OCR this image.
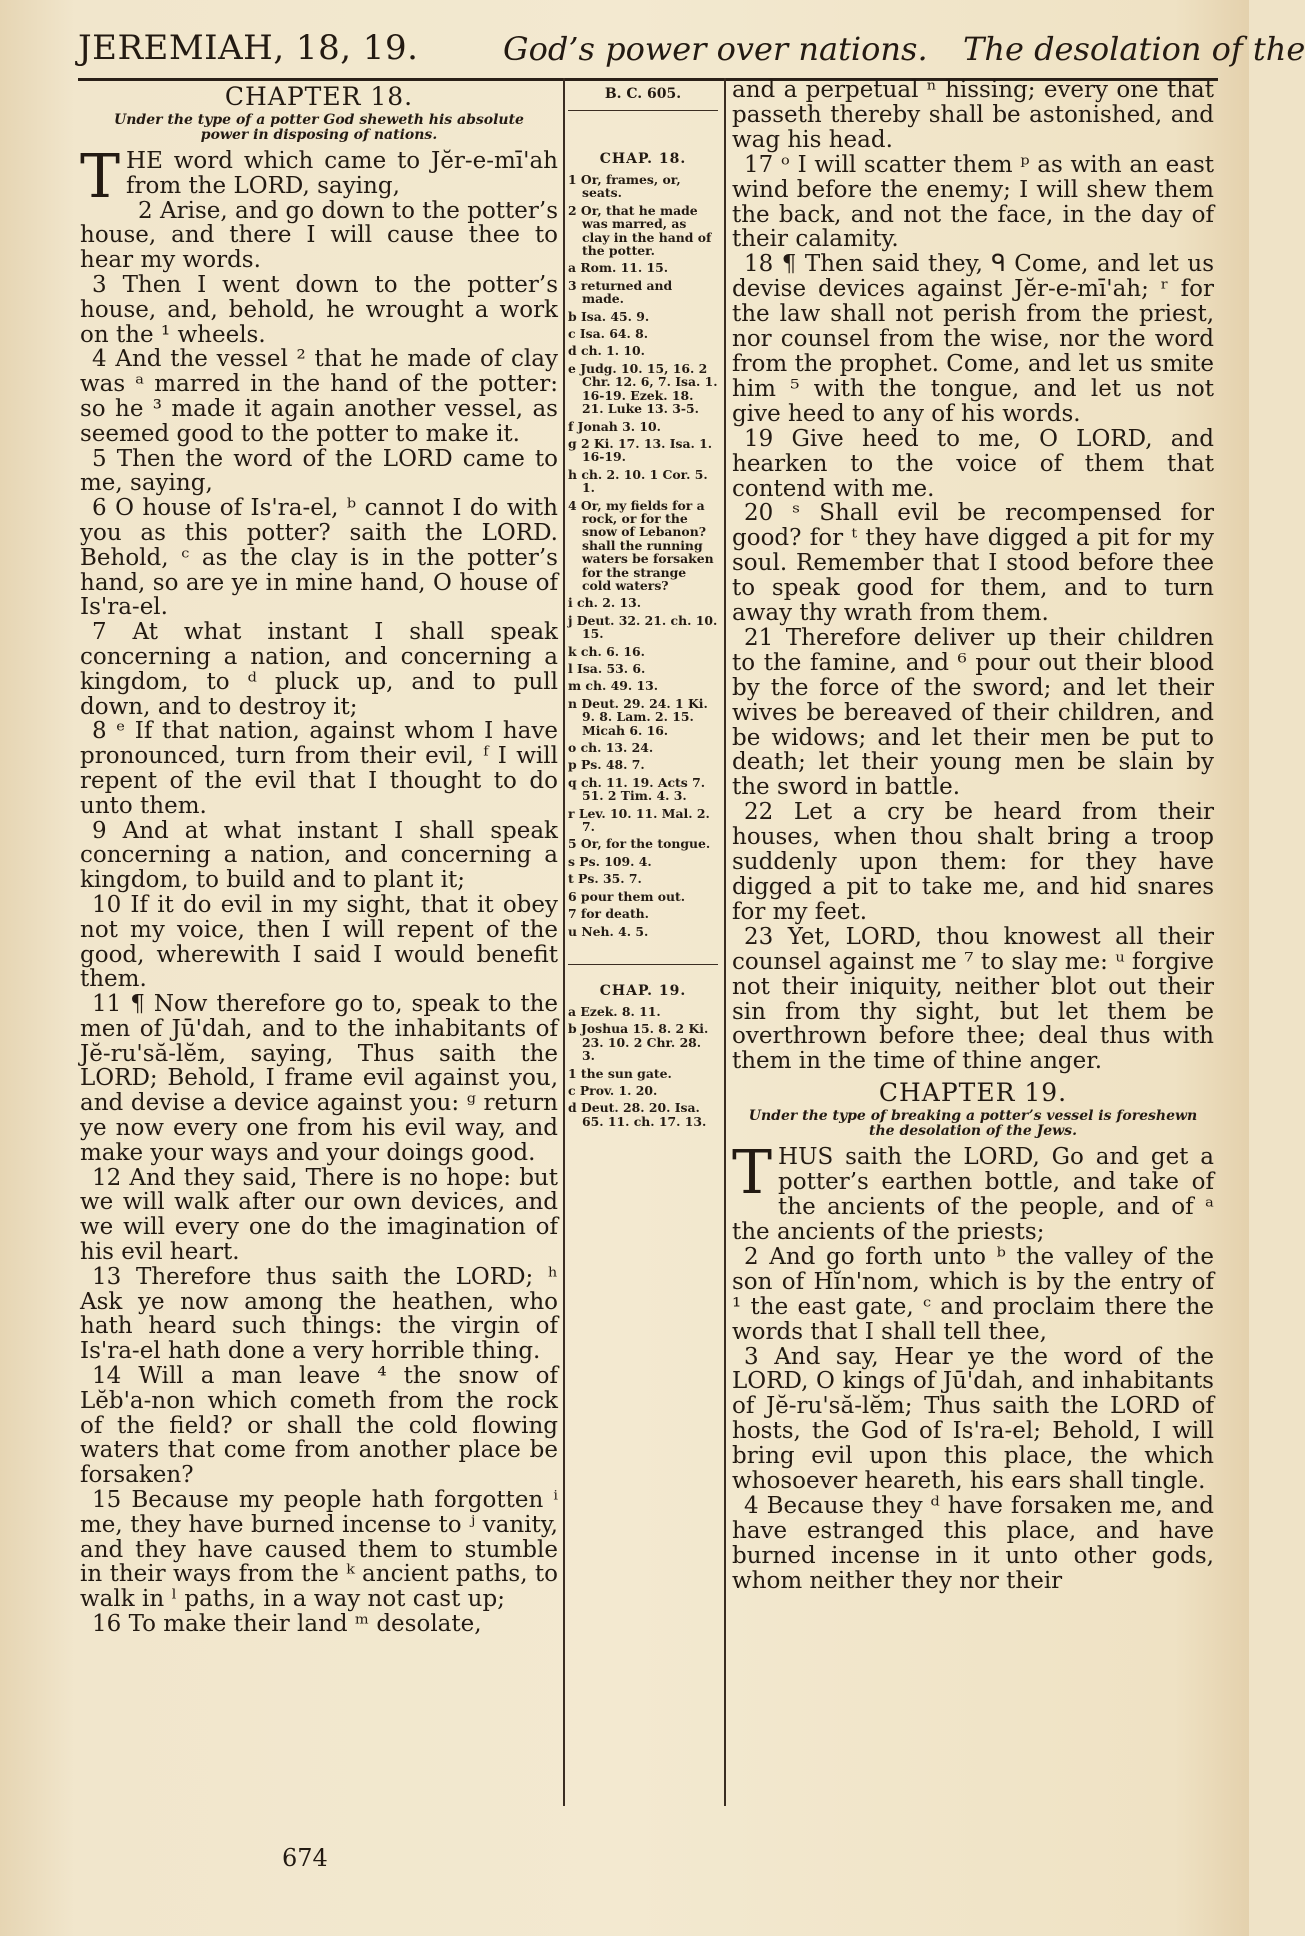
JEREMIAH, 18, 19.	God’s power over nations. The desolation of the
CHAPTER 18.
Under the type of a potter God sheweth his absolute power in disposing of nations.

THE word which came to Jĕr-e-mī'ah from the LORD, saying,

2 Arise, and go down to the potter’s house, and there I will cause thee to hear my words.

3 Then I went down to the potter’s house, and, behold, he wrought a work on the ¹ wheels.

4 And the vessel ² that he made of clay was ᵃ marred in the hand of the potter: so he ³ made it again another vessel, as seemed good to the potter to make it.

5 Then the word of the LORD came to me, saying,

6 O house of Is'ra-el, ᵇ cannot I do with you as this potter? saith the LORD. Behold, ᶜ as the clay is in the potter’s hand, so are ye in mine hand, O house of Is'ra-el.

7 At what instant I shall speak concerning a nation, and concerning a kingdom, to ᵈ pluck up, and to pull down, and to destroy it;

8 ᵉ If that nation, against whom I have pronounced, turn from their evil, ᶠ I will repent of the evil that I thought to do unto them.

9 And at what instant I shall speak concerning a nation, and concerning a kingdom, to build and to plant it;

10 If it do evil in my sight, that it obey not my voice, then I will repent of the good, wherewith I said I would benefit them.

11 ¶ Now therefore go to, speak to the men of Jū'dah, and to the inhabitants of Jĕ-ru'să-lĕm, saying, Thus saith the LORD; Behold, I frame evil against you, and devise a device against you: ᵍ return ye now every one from his evil way, and make your ways and your doings good.

12 And they said, There is no hope: but we will walk after our own devices, and we will every one do the imagination of his evil heart.

13 Therefore thus saith the LORD; ʰ Ask ye now among the heathen, who hath heard such things: the virgin of Is'ra-el hath done a very horrible thing.

14 Will a man leave ⁴ the snow of Lĕb'a-non which cometh from the rock of the field? or shall the cold flowing waters that come from another place be forsaken?

15 Because my people hath forgotten ⁱ me, they have burned incense to ʲ vanity, and they have caused them to stumble in their ways from the ᵏ ancient paths, to walk in ˡ paths, in a way not cast up;

16 To make their land ᵐ desolate,

B. C. 605.
CHAP. 18.
1 Or, frames, or, seats.
2 Or, that he made was marred, as clay in the hand of the potter.
a Rom. 11. 15.
3 returned and made.
b Isa. 45. 9.
c Isa. 64. 8.
d ch. 1. 10.
e Judg. 10. 15, 16. 2 Chr. 12. 6, 7. Isa. 1. 16-19. Ezek. 18. 21. Luke 13. 3-5.
f Jonah 3. 10.
g 2 Ki. 17. 13. Isa. 1. 16-19.
h ch. 2. 10. 1 Cor. 5. 1.
4 Or, my fields for a rock, or for the snow of Lebanon? shall the running waters be forsaken for the strange cold waters?
i ch. 2. 13.
j Deut. 32. 21. ch. 10. 15.
k ch. 6. 16.
l Isa. 53. 6.
m ch. 49. 13.
n Deut. 29. 24. 1 Ki. 9. 8. Lam. 2. 15. Micah 6. 16.
o ch. 13. 24.
p Ps. 48. 7.
q ch. 11. 19. Acts 7. 51. 2 Tim. 4. 3.
r Lev. 10. 11. Mal. 2. 7.
5 Or, for the tongue.
s Ps. 109. 4.
t Ps. 35. 7.
6 pour them out.
7 for death.
u Neh. 4. 5.
CHAP. 19.
a Ezek. 8. 11.
b Joshua 15. 8. 2 Ki. 23. 10. 2 Chr. 28. 3.
1 the sun gate.
c Prov. 1. 20.
d Deut. 28. 20. Isa. 65. 11. ch. 17. 13.

and a perpetual ⁿ hissing; every one that passeth thereby shall be astonished, and wag his head.

17 ᵒ I will scatter them ᵖ as with an east wind before the enemy; I will shew them the back, and not the face, in the day of their calamity.

18 ¶ Then said they, ᑫ Come, and let us devise devices against Jĕr-e-mī'ah; ʳ for the law shall not perish from the priest, nor counsel from the wise, nor the word from the prophet. Come, and let us smite him ⁵ with the tongue, and let us not give heed to any of his words.

19 Give heed to me, O LORD, and hearken to the voice of them that contend with me.

20 ˢ Shall evil be recompensed for good? for ᵗ they have digged a pit for my soul. Remember that I stood before thee to speak good for them, and to turn away thy wrath from them.

21 Therefore deliver up their children to the famine, and ⁶ pour out their blood by the force of the sword; and let their wives be bereaved of their children, and be widows; and let their men be put to death; let their young men be slain by the sword in battle.

22 Let a cry be heard from their houses, when thou shalt bring a troop suddenly upon them: for they have digged a pit to take me, and hid snares for my feet.

23 Yet, LORD, thou knowest all their counsel against me ⁷ to slay me: ᵘ forgive not their iniquity, neither blot out their sin from thy sight, but let them be overthrown before thee; deal thus with them in the time of thine anger.

CHAPTER 19.
Under the type of breaking a potter’s vessel is foreshewn the desolation of the Jews.

THUS saith the LORD, Go and get a potter’s earthen bottle, and take of the ancients of the people, and of ᵃ the ancients of the priests;

2 And go forth unto ᵇ the valley of the son of Hĭn'nom, which is by the entry of ¹ the east gate, ᶜ and proclaim there the words that I shall tell thee,

3 And say, Hear ye the word of the LORD, O kings of Jū'dah, and inhabitants of Jĕ-ru'să-lĕm; Thus saith the LORD of hosts, the God of Is'ra-el; Behold, I will bring evil upon this place, the which whosoever heareth, his ears shall tingle.

4 Because they ᵈ have forsaken me, and have estranged this place, and have burned incense in it unto other gods, whom neither they nor their

674
